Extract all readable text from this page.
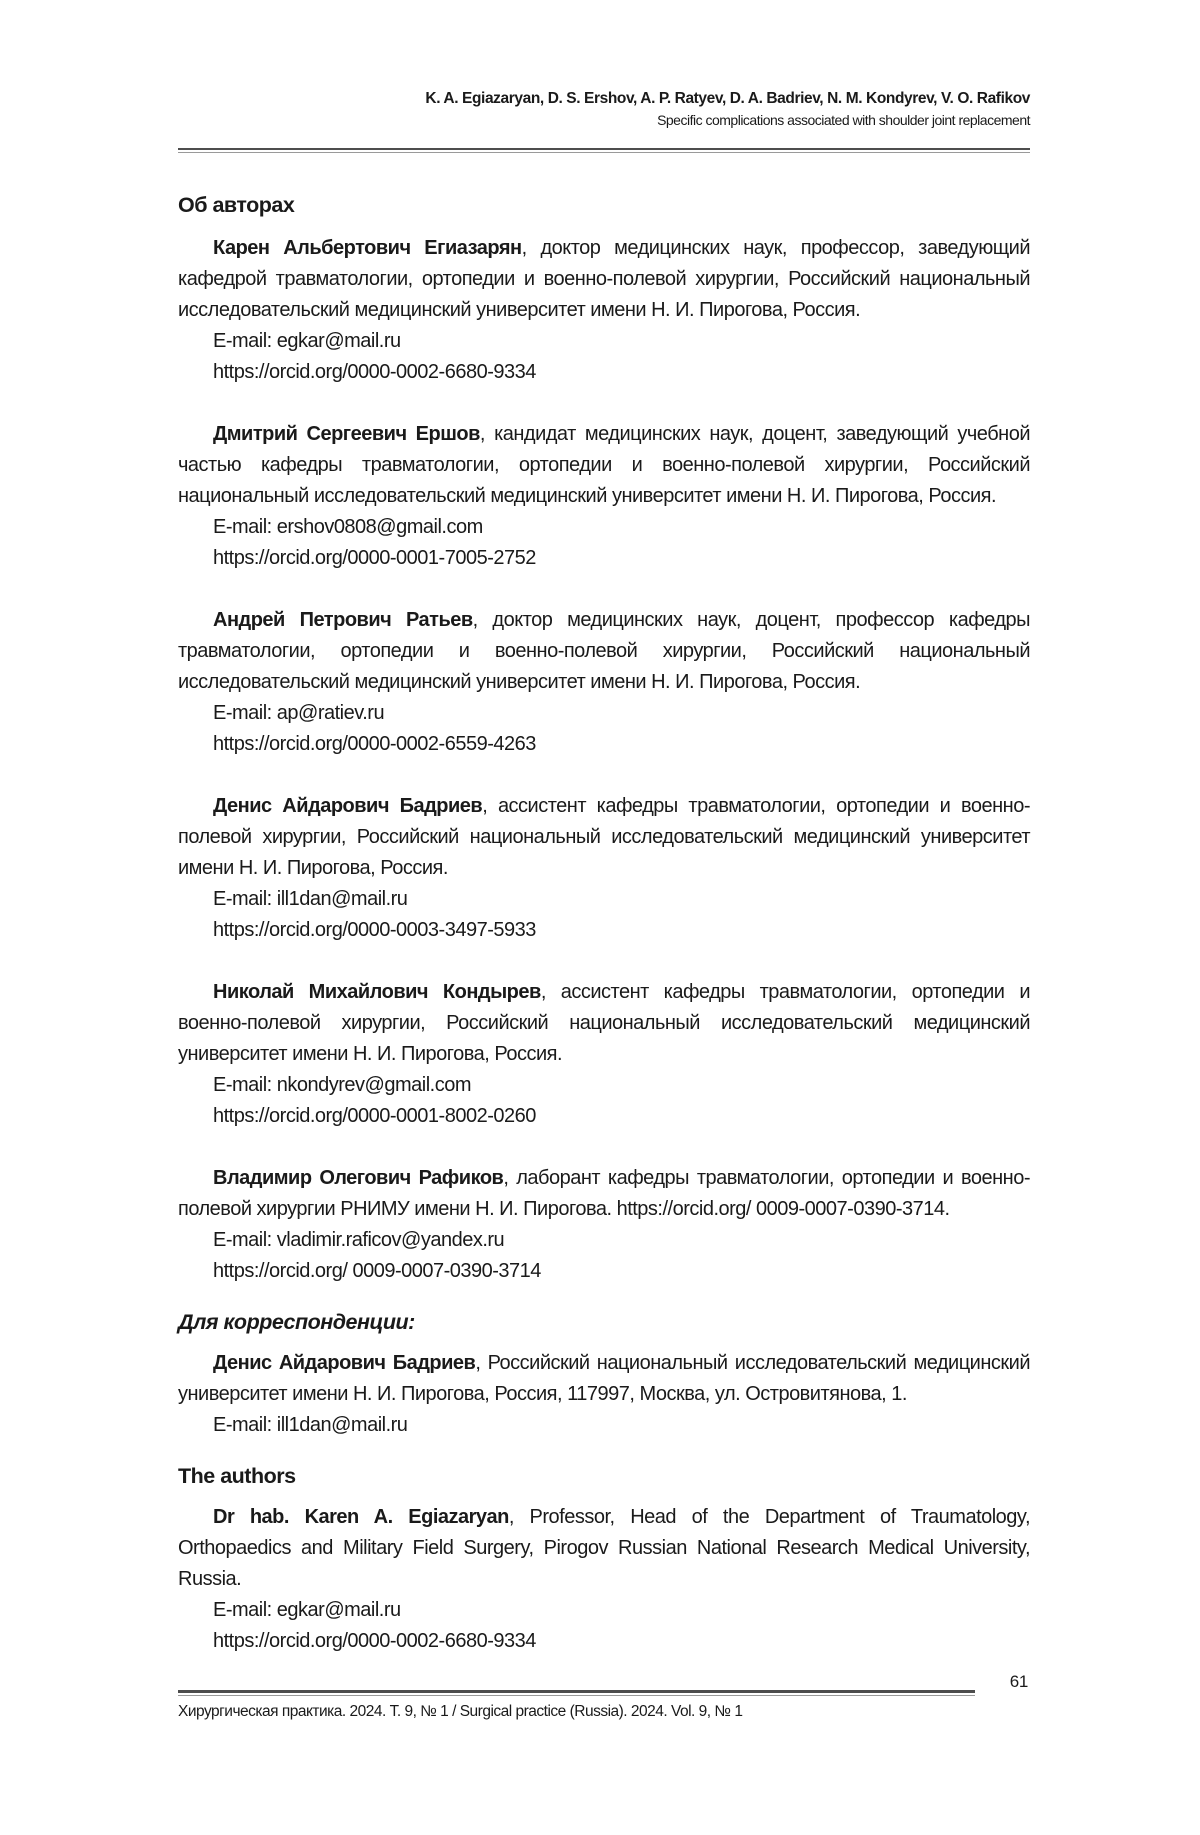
K. A. Egiazaryan, D. S. Ershov, A. P. Ratyev, D. A. Badriev, N. M. Kondyrev, V. O. Rafikov
Specific complications associated with shoulder joint replacement
Об авторах

Карен Альбертович Егиазарян, доктор медицинских наук, профессор, заведующий кафедрой травматологии, ортопедии и военно-полевой хирургии, Российский национальный исследовательский медицинский университет имени Н. И. Пирогова, Россия.

E-mail: egkar@mail.ru

https://orcid.org/0000-0002-6680-9334

Дмитрий Сергеевич Ершов, кандидат медицинских наук, доцент, заведующий учебной частью кафедры травматологии, ортопедии и военно-полевой хирургии, Российский национальный исследовательский медицинский университет имени Н. И. Пирогова, Россия.

E-mail: ershov0808@gmail.com

https://orcid.org/0000-0001-7005-2752

Андрей Петрович Ратьев, доктор медицинских наук, доцент, профессор кафедры травматологии, ортопедии и военно-полевой хирургии, Российский национальный исследовательский медицинский университет имени Н. И. Пирогова, Россия.

E-mail: ap@ratiev.ru

https://orcid.org/0000-0002-6559-4263

Денис Айдарович Бадриев, ассистент кафедры травматологии, ортопедии и военно-полевой хирургии, Российский национальный исследовательский медицинский университет имени Н. И. Пирогова, Россия.

E-mail: ill1dan@mail.ru

https://orcid.org/0000-0003-3497-5933

Николай Михайлович Кондырев, ассистент кафедры травматологии, ортопедии и военно-полевой хирургии, Российский национальный исследовательский медицинский университет имени Н. И. Пирогова, Россия.

E-mail: nkondyrev@gmail.com

https://orcid.org/0000-0001-8002-0260

Владимир Олегович Рафиков, лаборант кафедры травматологии, ортопедии и военно-полевой хирургии РНИМУ имени Н. И. Пирогова. https://orcid.org/ 0009-0007-0390-3714.

E-mail: vladimir.raficov@yandex.ru

https://orcid.org/ 0009-0007-0390-3714

Для корреспонденции:

Денис Айдарович Бадриев, Российский национальный исследовательский медицинский университет имени Н. И. Пирогова, Россия, 117997, Москва, ул. Островитянова, 1.

E-mail: ill1dan@mail.ru

The authors

Dr hab. Karen A. Egiazaryan, Professor, Head of the Department of Traumatology, Orthopaedics and Military Field Surgery, Pirogov Russian National Research Medical University, Russia.

E-mail: egkar@mail.ru

https://orcid.org/0000-0002-6680-9334

61
Хирургическая практика. 2024. Т. 9, № 1 / Surgical practice (Russia). 2024. Vol. 9, № 1
